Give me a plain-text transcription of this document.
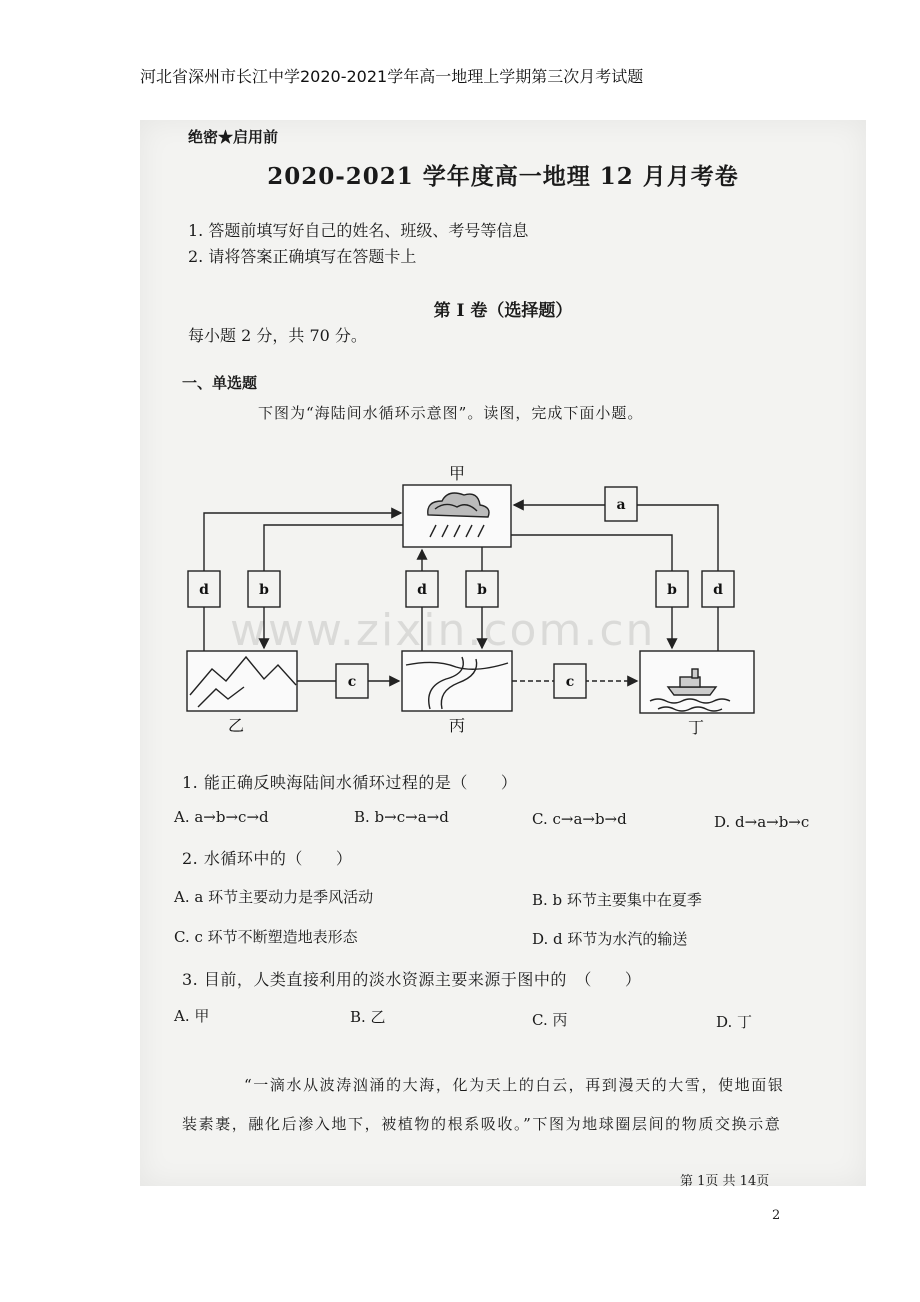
河北省深州市长江中学2020-2021学年高一地理上学期第三次月考试题
绝密★启用前
2020-2021 学年度高一地理 12 月月考卷
1. 答题前填写好自己的姓名、班级、考号等信息
2. 请将答案正确填写在答题卡上
第 I 卷（选择题）
每小题 2 分，共 70 分。
一、单选题
下图为“海陆间水循环示意图”。读图，完成下面小题。
a
d	b	d	b	b	d
c	c
甲
乙	丙	丁
1. 能正确反映海陆间水循环过程的是（　　）
A. a→b→c→d	B. b→c→a→d	C. c→a→b→d	D. d→a→b→c
2. 水循环中的（　　）
A. a 环节主要动力是季风活动	B. b 环节主要集中在夏季
C. c 环节不断塑造地表形态	D. d 环节为水汽的输送
3. 目前，人类直接利用的淡水资源主要来源于图中的　（　　）
A. 甲	B. 乙	C. 丙	D. 丁
“一滴水从波涛汹涌的大海，化为天上的白云，再到漫天的大雪，使地面银
装素裹，融化后渗入地下，被植物的根系吸收。”下图为地球圈层间的物质交换示意
第 1页 共 14页
www.zixin.com.cn
2
